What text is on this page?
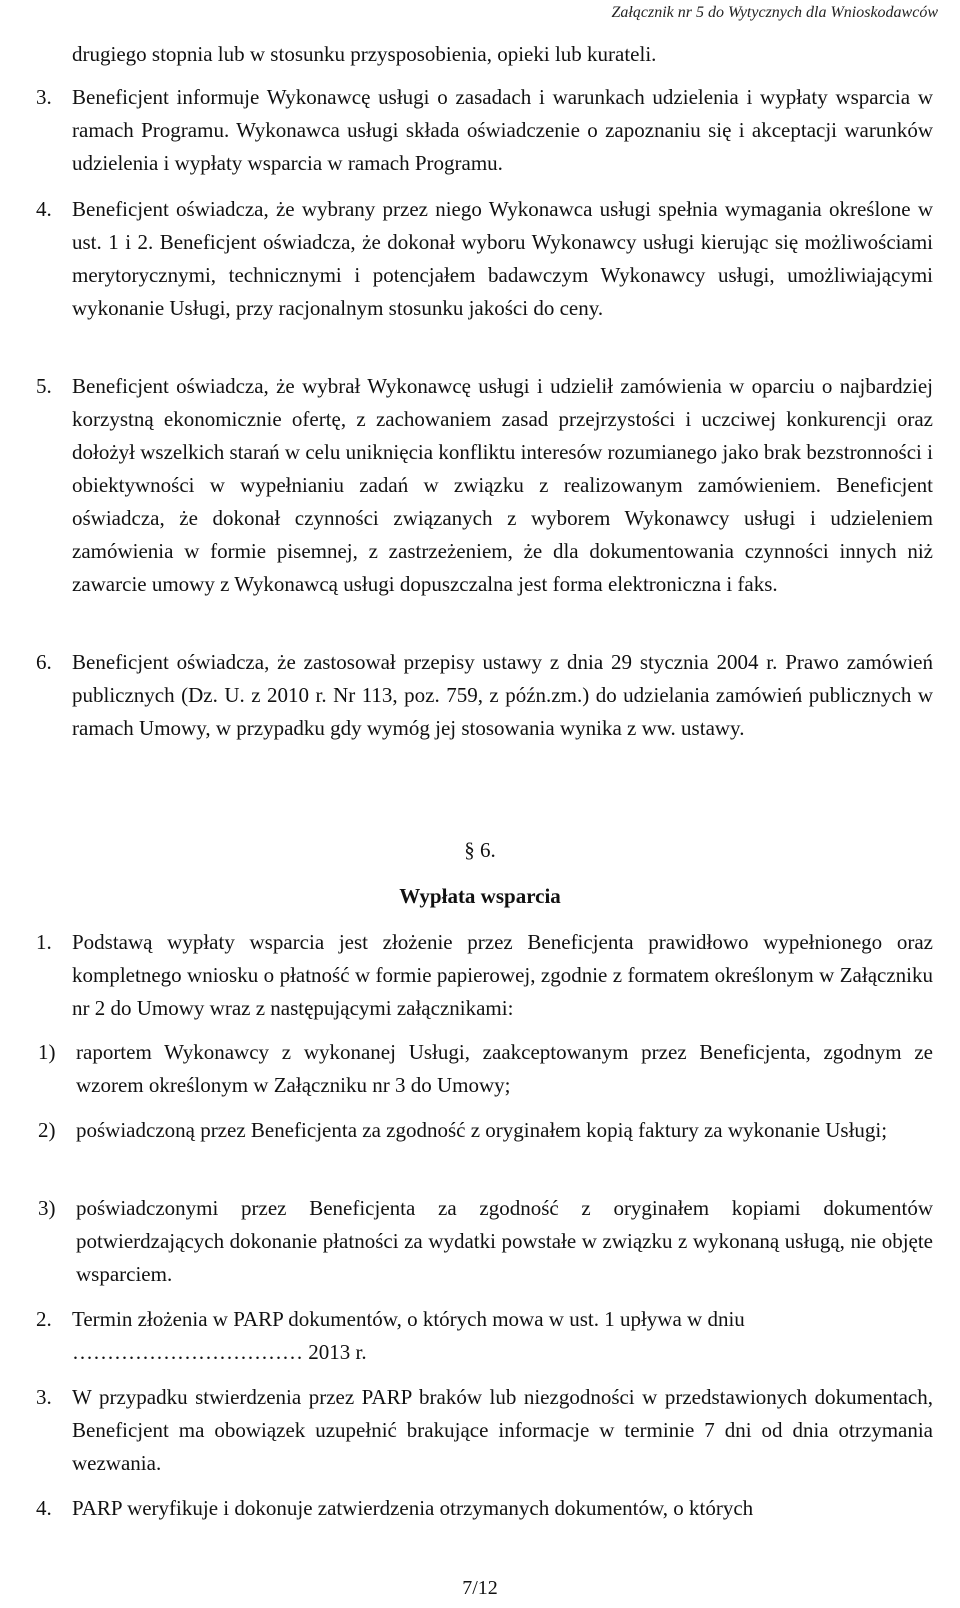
Załącznik nr 5 do Wytycznych dla Wnioskodawców
drugiego stopnia lub w stosunku przysposobienia, opieki lub kurateli.
3. Beneficjent informuje Wykonawcę usługi o zasadach i warunkach udzielenia i wypłaty wsparcia w ramach Programu. Wykonawca usługi składa oświadczenie o zapoznaniu się i akceptacji warunków udzielenia i wypłaty wsparcia w ramach Programu.
4. Beneficjent oświadcza, że wybrany przez niego Wykonawca usługi spełnia wymagania określone w ust. 1 i 2. Beneficjent oświadcza, że dokonał wyboru Wykonawcy usługi kierując się możliwościami merytorycznymi, technicznymi i potencjałem badawczym Wykonawcy usługi, umożliwiającymi wykonanie Usługi, przy racjonalnym stosunku jakości do ceny.
5. Beneficjent oświadcza, że wybrał Wykonawcę usługi i udzielił zamówienia w oparciu o najbardziej korzystną ekonomicznie ofertę, z zachowaniem zasad przejrzystości i uczciwej konkurencji oraz dołożył wszelkich starań w celu uniknięcia konfliktu interesów rozumianego jako brak bezstronności i obiektywności w wypełnianiu zadań w związku z realizowanym zamówieniem. Beneficjent oświadcza, że dokonał czynności związanych z wyborem Wykonawcy usługi i udzieleniem zamówienia w formie pisemnej, z zastrzeżeniem, że dla dokumentowania czynności innych niż zawarcie umowy z Wykonawcą usługi dopuszczalna jest forma elektroniczna i faks.
6. Beneficjent oświadcza, że zastosował przepisy ustawy z dnia 29 stycznia 2004 r. Prawo zamówień publicznych (Dz. U. z 2010 r. Nr 113, poz. 759, z późn.zm.) do udzielania zamówień publicznych w ramach Umowy, w przypadku gdy wymóg jej stosowania wynika z ww. ustawy.
§ 6.
Wypłata wsparcia
1. Podstawą wypłaty wsparcia jest złożenie przez Beneficjenta prawidłowo wypełnionego oraz kompletnego wniosku o płatność w formie papierowej, zgodnie z formatem określonym w Załączniku nr 2 do Umowy wraz z następującymi załącznikami:
1) raportem Wykonawcy z wykonanej Usługi, zaakceptowanym przez Beneficjenta, zgodnym ze wzorem określonym w Załączniku nr 3 do Umowy;
2) poświadczoną przez Beneficjenta za zgodność z oryginałem kopią faktury za wykonanie Usługi;
3) poświadczonymi przez Beneficjenta za zgodność z oryginałem kopiami dokumentów potwierdzających dokonanie płatności za wydatki powstałe w związku z wykonaną usługą, nie objęte wsparciem.
2. Termin złożenia w PARP dokumentów, o których mowa w ust. 1 upływa w dniu
…………………………… 2013 r.
3. W przypadku stwierdzenia przez PARP braków lub niezgodności w przedstawionych dokumentach, Beneficjent ma obowiązek uzupełnić brakujące informacje w terminie 7 dni od dnia otrzymania wezwania.
4. PARP weryfikuje i dokonuje zatwierdzenia otrzymanych dokumentów, o których
7/12
